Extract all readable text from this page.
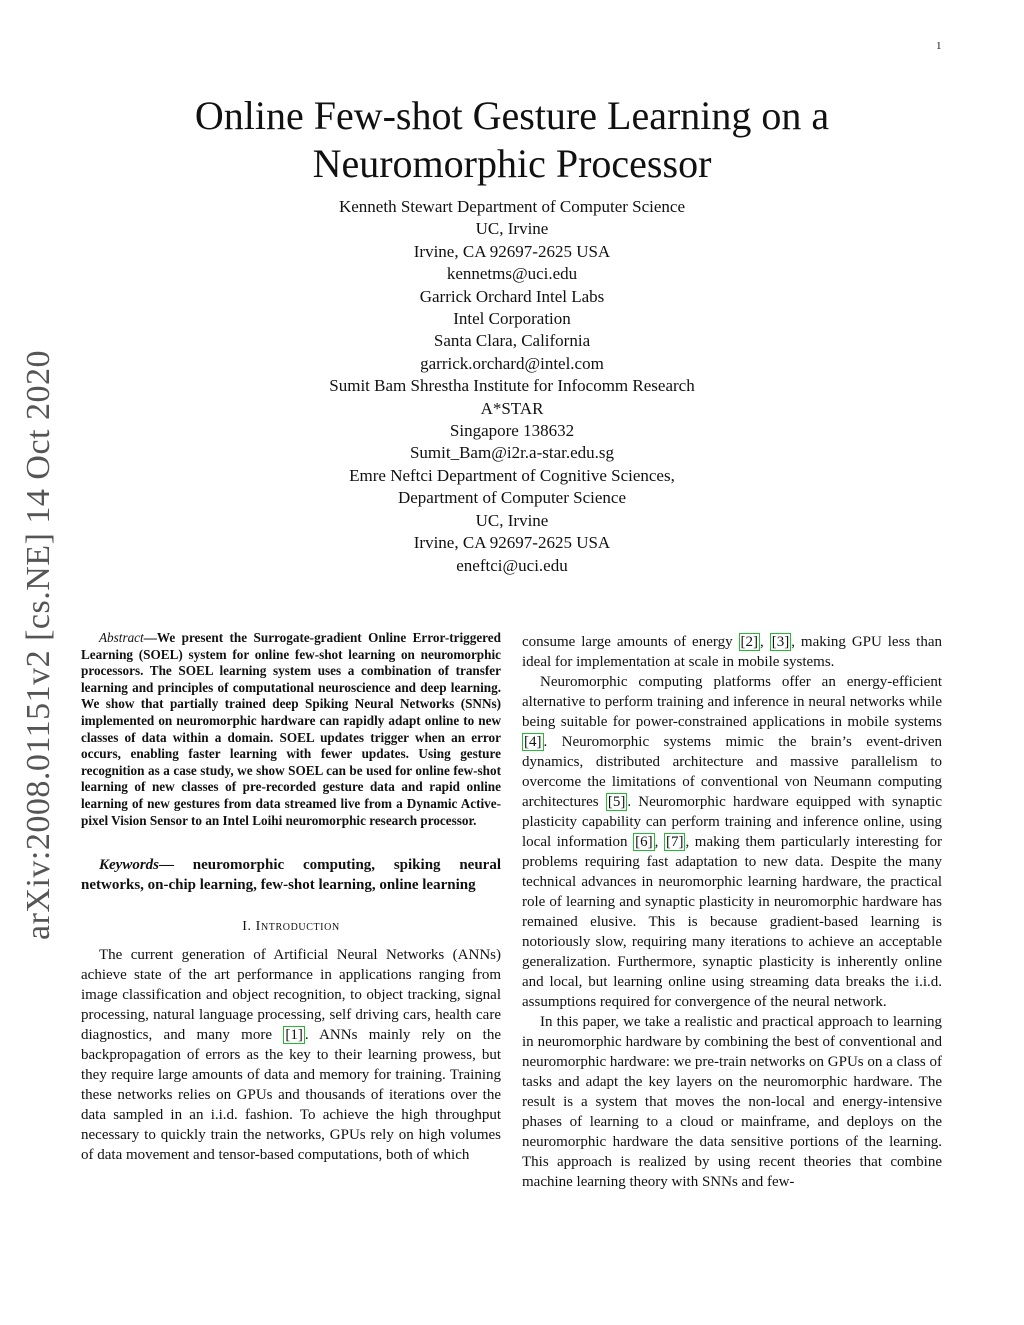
1
arXiv:2008.01151v2 [cs.NE] 14 Oct 2020
Online Few-shot Gesture Learning on a
Neuromorphic Processor
Kenneth Stewart Department of Computer Science
UC, Irvine
Irvine, CA 92697-2625 USA
kennetms@uci.edu
Garrick Orchard Intel Labs
Intel Corporation
Santa Clara, California
garrick.orchard@intel.com
Sumit Bam Shrestha Institute for Infocomm Research
A*STAR
Singapore 138632
Sumit_Bam@i2r.a-star.edu.sg
Emre Neftci Department of Cognitive Sciences,
Department of Computer Science
UC, Irvine
Irvine, CA 92697-2625 USA
eneftci@uci.edu

Abstract—We present the Surrogate-gradient Online Error-triggered Learning (SOEL) system for online few-shot learning on neuromorphic processors. The SOEL learning system uses a combination of transfer learning and principles of computational neuroscience and deep learning. We show that partially trained deep Spiking Neural Networks (SNNs) implemented on neuromorphic hardware can rapidly adapt online to new classes of data within a domain. SOEL updates trigger when an error occurs, enabling faster learning with fewer updates. Using gesture recognition as a case study, we show SOEL can be used for online few-shot learning of new classes of pre-recorded gesture data and rapid online learning of new gestures from data streamed live from a Dynamic Active-pixel Vision Sensor to an Intel Loihi neuromorphic research processor.

Keywords— neuromorphic computing, spiking neural networks, on-chip learning, few-shot learning, online learning

I. Introduction

The current generation of Artificial Neural Networks (ANNs) achieve state of the art performance in applications ranging from image classification and object recognition, to object tracking, signal processing, natural language processing, self driving cars, health care diagnostics, and many more [1] . ANNs mainly rely on the backpropagation of errors as the key to their learning prowess, but they require large amounts of data and memory for training. Training these networks relies on GPUs and thousands of iterations over the data sampled in an i.i.d. fashion. To achieve the high throughput necessary to quickly train the networks, GPUs rely on high volumes of data movement and tensor-based computations, both of which

consume large amounts of energy [2] , [3] , making GPU less than ideal for implementation at scale in mobile systems.

Neuromorphic computing platforms offer an energy-efficient alternative to perform training and inference in neural networks while being suitable for power-constrained applications in mobile systems [4] . Neuromorphic systems mimic the brain’s event-driven dynamics, distributed architecture and massive parallelism to overcome the limitations of conventional von Neumann computing architectures [5] . Neuromorphic hardware equipped with synaptic plasticity capability can perform training and inference online, using local information [6] , [7] , making them particularly interesting for problems requiring fast adaptation to new data. Despite the many technical advances in neuromorphic learning hardware, the practical role of learning and synaptic plasticity in neuromorphic hardware has remained elusive. This is because gradient-based learning is notoriously slow, requiring many iterations to achieve an acceptable generalization. Furthermore, synaptic plasticity is inherently online and local, but learning online using streaming data breaks the i.i.d. assumptions required for convergence of the neural network.

In this paper, we take a realistic and practical approach to learning in neuromorphic hardware by combining the best of conventional and neuromorphic hardware: we pre-train networks on GPUs on a class of tasks and adapt the key layers on the neuromorphic hardware. The result is a system that moves the non-local and energy-intensive phases of learning to a cloud or mainframe, and deploys on the neuromorphic hardware the data sensitive portions of the learning. This approach is realized by using recent theories that combine machine learning theory with SNNs and few-
